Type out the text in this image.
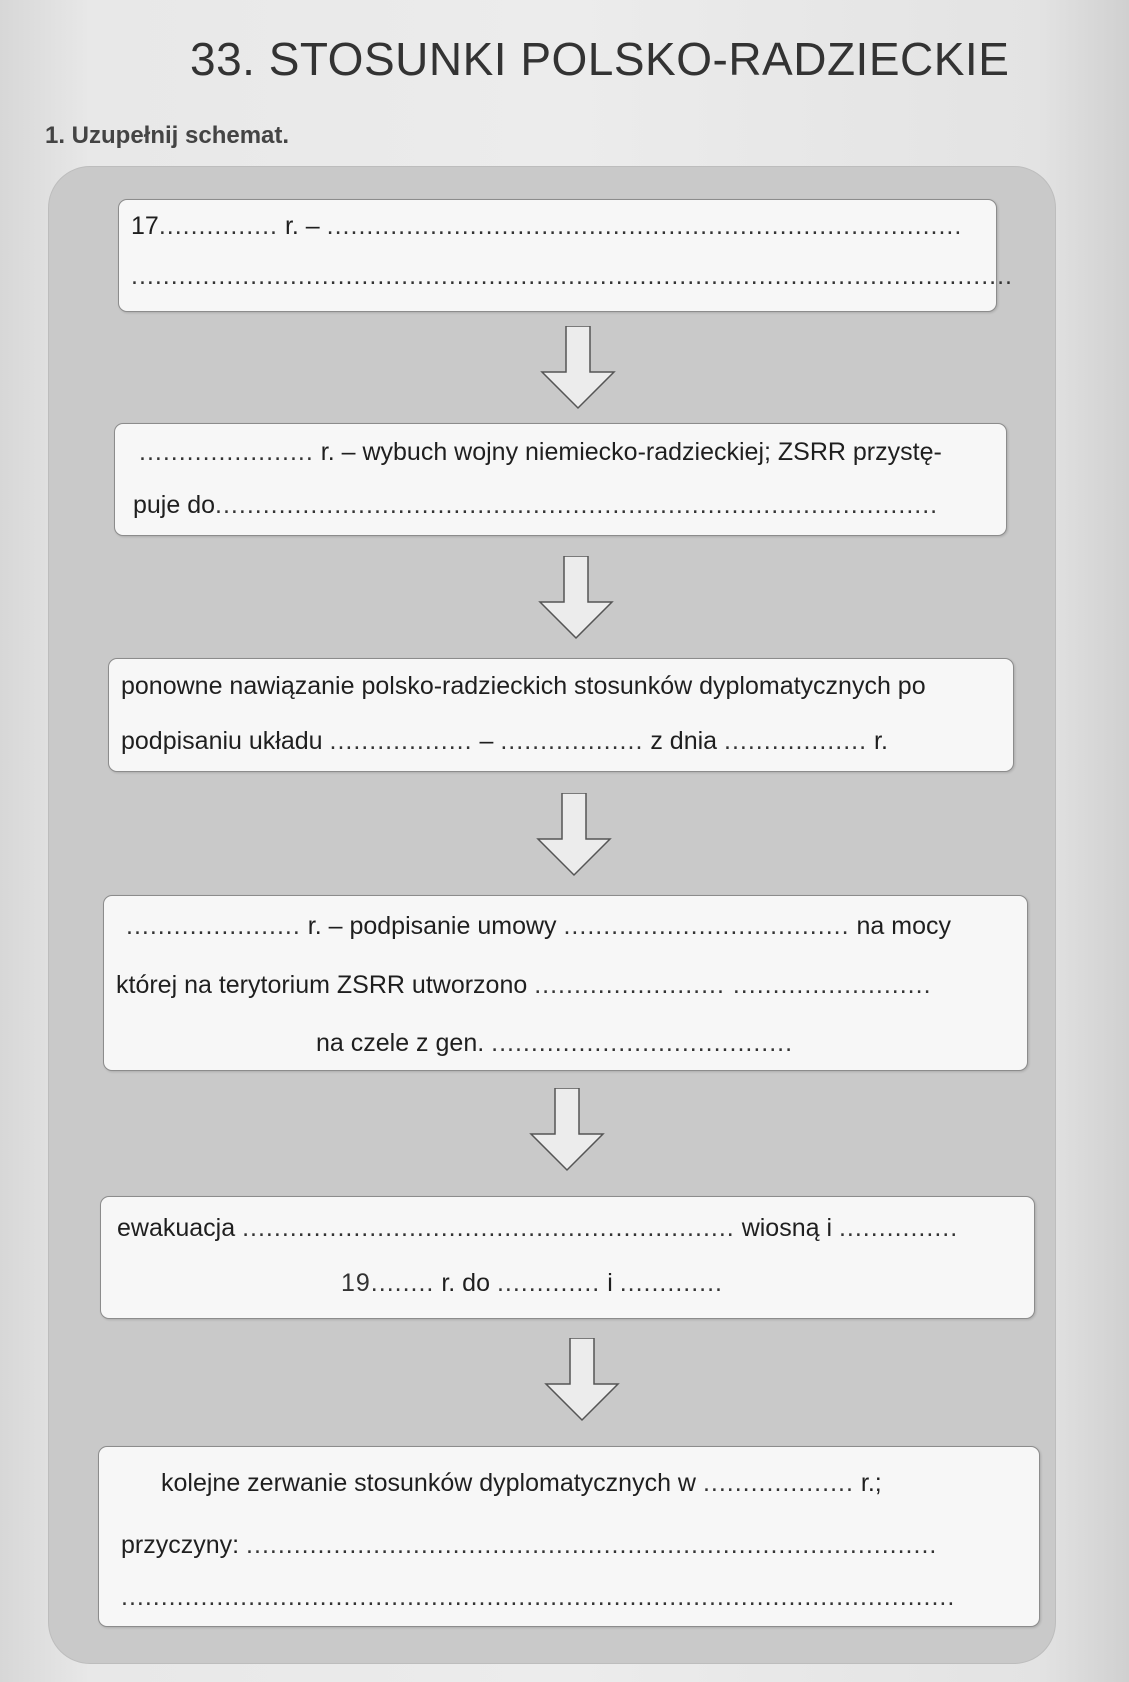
33. STOSUNKI POLSKO-RADZIECKIE
1. Uzupełnij schemat.
17............... r. – ................................................................................
...............................................................................................................
...................... r. – wybuch wojny niemiecko-radzieckiej; ZSRR przystę-
puje do...........................................................................................
ponowne nawiązanie polsko-radzieckich stosunków dyplomatycznych po
podpisaniu układu .................. – .................. z dnia .................. r.
...................... r. – podpisanie umowy .................................... na mocy
której na terytorium ZSRR utworzono ........................ .........................
na czele z gen. ......................................
ewakuacja .............................................................. wiosną i ...............
19........ r. do ............. i .............
kolejne zerwanie stosunków dyplomatycznych w ................... r.;
przyczyny: .......................................................................................
.........................................................................................................
